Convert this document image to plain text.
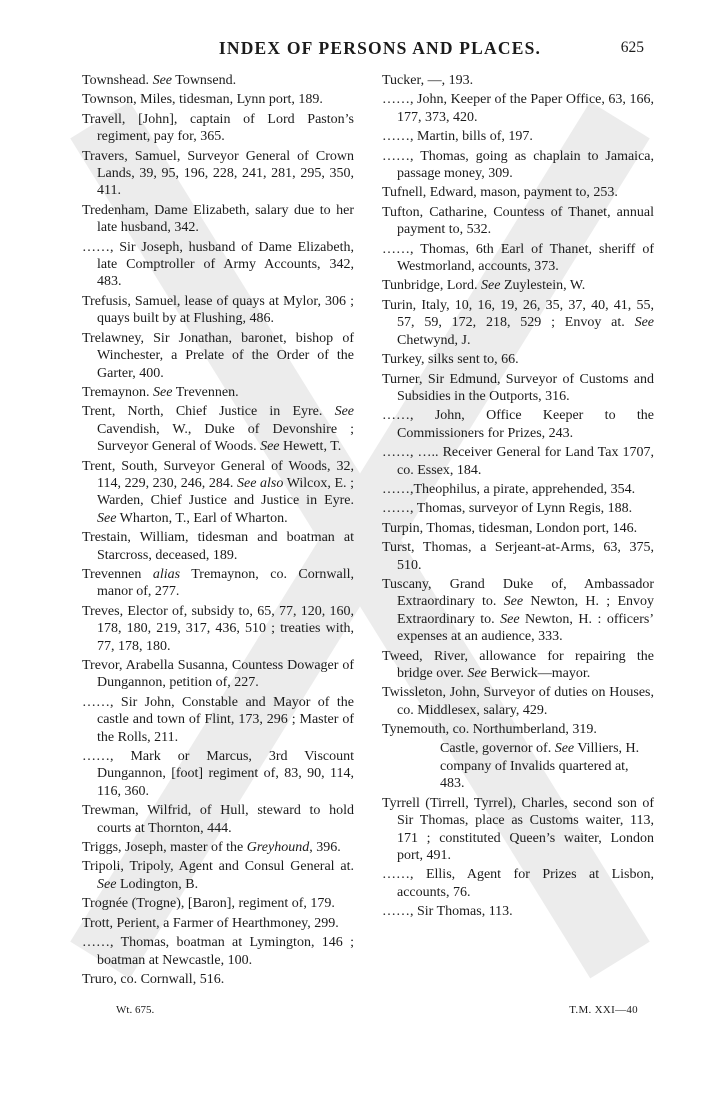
INDEX OF PERSONS AND PLACES.	625

Townshead. See Townsend.

Townson, Miles, tidesman, Lynn port, 189.

Travell, [John], captain of Lord Paston’s regiment, pay for, 365.

Travers, Samuel, Surveyor General of Crown Lands, 39, 95, 196, 228, 241, 281, 295, 350, 411.

Tredenham, Dame Elizabeth, salary due to her late husband, 342.

……, Sir Joseph, husband of Dame Elizabeth, late Comptroller of Army Accounts, 342, 483.

Trefusis, Samuel, lease of quays at Mylor, 306 ; quays built by at Flushing, 486.

Trelawney, Sir Jonathan, baronet, bishop of Winchester, a Prelate of the Order of the Garter, 400.

Tremaynon. See Trevennen.

Trent, North, Chief Justice in Eyre. See Cavendish, W., Duke of Devonshire ; Surveyor General of Woods. See Hewett, T.

Trent, South, Surveyor General of Woods, 32, 114, 229, 230, 246, 284. See also Wilcox, E. ; Warden, Chief Justice and Justice in Eyre. See Wharton, T., Earl of Wharton.

Trestain, William, tidesman and boatman at Starcross, deceased, 189.

Trevennen alias Tremaynon, co. Cornwall, manor of, 277.

Treves, Elector of, subsidy to, 65, 77, 120, 160, 178, 180, 219, 317, 436, 510 ; treaties with, 77, 178, 180.

Trevor, Arabella Susanna, Countess Dowager of Dungannon, petition of, 227.

……, Sir John, Constable and Mayor of the castle and town of Flint, 173, 296 ; Master of the Rolls, 211.

……, Mark or Marcus, 3rd Viscount Dungannon, [foot] regiment of, 83, 90, 114, 116, 360.

Trewman, Wilfrid, of Hull, steward to hold courts at Thornton, 444.

Triggs, Joseph, master of the Greyhound, 396.

Tripoli, Tripoly, Agent and Consul General at. See Lodington, B.

Trognée (Trogne), [Baron], regiment of, 179.

Trott, Perient, a Farmer of Hearthmoney, 299.

……, Thomas, boatman at Lymington, 146 ; boatman at Newcastle, 100.

Truro, co. Cornwall, 516.

Tucker, —, 193.

……, John, Keeper of the Paper Office, 63, 166, 177, 373, 420.

……, Martin, bills of, 197.

……, Thomas, going as chaplain to Jamaica, passage money, 309.

Tufnell, Edward, mason, payment to, 253.

Tufton, Catharine, Countess of Thanet, annual payment to, 532.

……, Thomas, 6th Earl of Thanet, sheriff of Westmorland, accounts, 373.

Tunbridge, Lord. See Zuylestein, W.

Turin, Italy, 10, 16, 19, 26, 35, 37, 40, 41, 55, 57, 59, 172, 218, 529 ; Envoy at. See Chetwynd, J.

Turkey, silks sent to, 66.

Turner, Sir Edmund, Surveyor of Customs and Subsidies in the Outports, 316.

……, John, Office Keeper to the Commissioners for Prizes, 243.

……, ….. Receiver General for Land Tax 1707, co. Essex, 184.

……,Theophilus, a pirate, apprehended, 354.

……, Thomas, surveyor of Lynn Regis, 188.

Turpin, Thomas, tidesman, London port, 146.

Turst, Thomas, a Serjeant-at-Arms, 63, 375, 510.

Tuscany, Grand Duke of, Ambassador Extraordinary to. See Newton, H. ; Envoy Extraordinary to. See Newton, H. : officers’ expenses at an audience, 333.

Tweed, River, allowance for repairing the bridge over. See Berwick—mayor.

Twissleton, John, Surveyor of duties on Houses, co. Middlesex, salary, 429.

Tynemouth, co. Northumberland, 319.

Castle, governor of. See Villiers, H.

company of Invalids quartered at, 483.

Tyrrell (Tirrell, Tyrrel), Charles, second son of Sir Thomas, place as Customs waiter, 113, 171 ; constituted Queen’s waiter, London port, 491.

……, Ellis, Agent for Prizes at Lisbon, accounts, 76.

……, Sir Thomas, 113.

Wt. 675.	T.M. XXI—40
